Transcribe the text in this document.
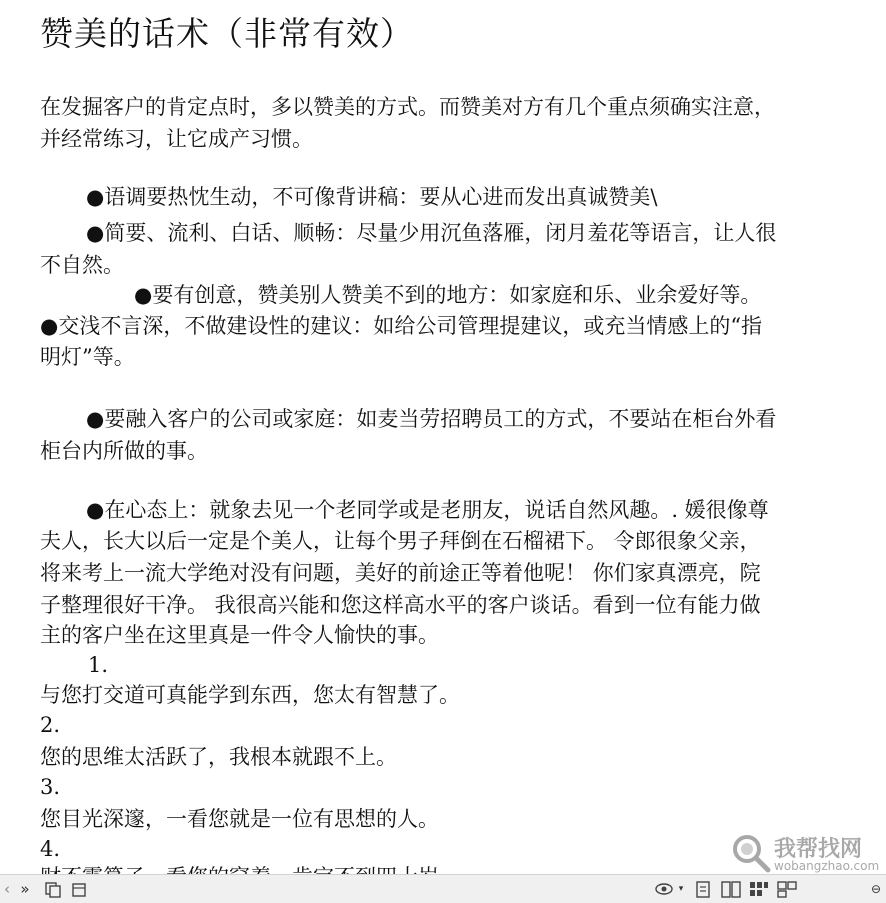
赞美的话术（非常有效）

在发掘客户的肯定点时，多以赞美的方式。而赞美对方有几个重点须确实注意，

并经常练习，让它成产习惯。

●语调要热忱生动，不可像背讲稿：要从心进而发出真诚赞美\

●简要、流利、白话、顺畅：尽量少用沉鱼落雁，闭月羞花等语言，让人很

不自然。

●要有创意，赞美别人赞美不到的地方：如家庭和乐、业余爱好等。

●交浅不言深，不做建设性的建议：如给公司管理提建议，或充当情感上的“指

明灯”等。

●要融入客户的公司或家庭：如麦当劳招聘员工的方式，不要站在柜台外看

柜台内所做的事。

●在心态上：就象去见一个老同学或是老朋友，说话自然风趣。. 媛很像尊

夫人，长大以后一定是个美人，让每个男子拜倒在石榴裙下。 令郎很象父亲，

将来考上一流大学绝对没有问题，美好的前途正等着他呢！ 你们家真漂亮，院

子整理很好干净。 我很高兴能和您这样高水平的客户谈话。看到一位有能力做

主的客户坐在这里真是一件令人愉快的事。

1.

与您打交道可真能学到东西，您太有智慧了。

2.

您的思维太活跃了，我根本就跟不上。

3.

您目光深邃，一看您就是一位有思想的人。

4.	我帮找网
wobangzhao.com
‹ »	▾	⊖
